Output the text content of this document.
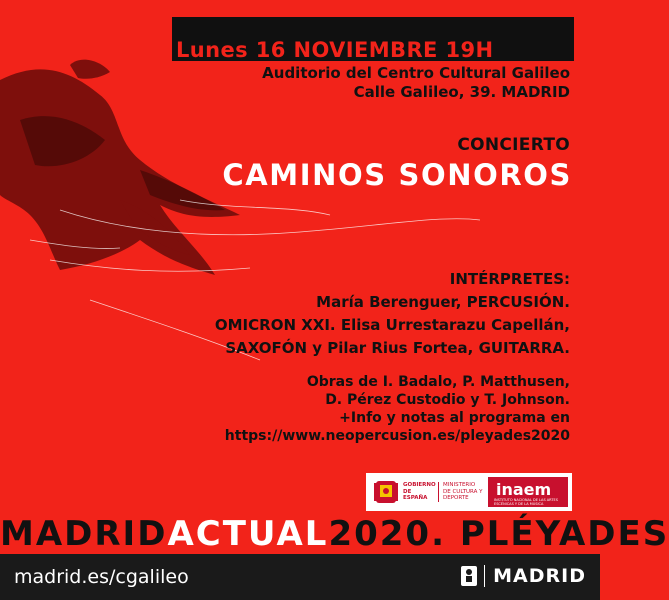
Lunes 16 NOVIEMBRE 19H
Auditorio del Centro Cultural Galileo
Calle Galileo, 39. MADRID
CONCIERTO
CAMINOS SONOROS
INTÉRPRETES:
María Berenguer, PERCUSIÓN.
OMICRON XXI. Elisa Urrestarazu Capellán,
SAXOFÓN y Pilar Rius Fortea, GUITARRA.
Obras de I. Badalo, P. Matthusen,
D. Pérez Custodio y T. Johnson.
+Info y notas al programa en
https://www.neopercusion.es/pleyades2020
GOBIERNO DE ESPAÑA
MINISTERIO DE CULTURA Y DEPORTE	inaem
INSTITUTO NACIONAL DE LAS ARTES ESCÉNICAS Y DE LA MÚSICA
MADRIDACTUAL2020. PLÉYADES
madrid.es/cgalileo	MADRID
